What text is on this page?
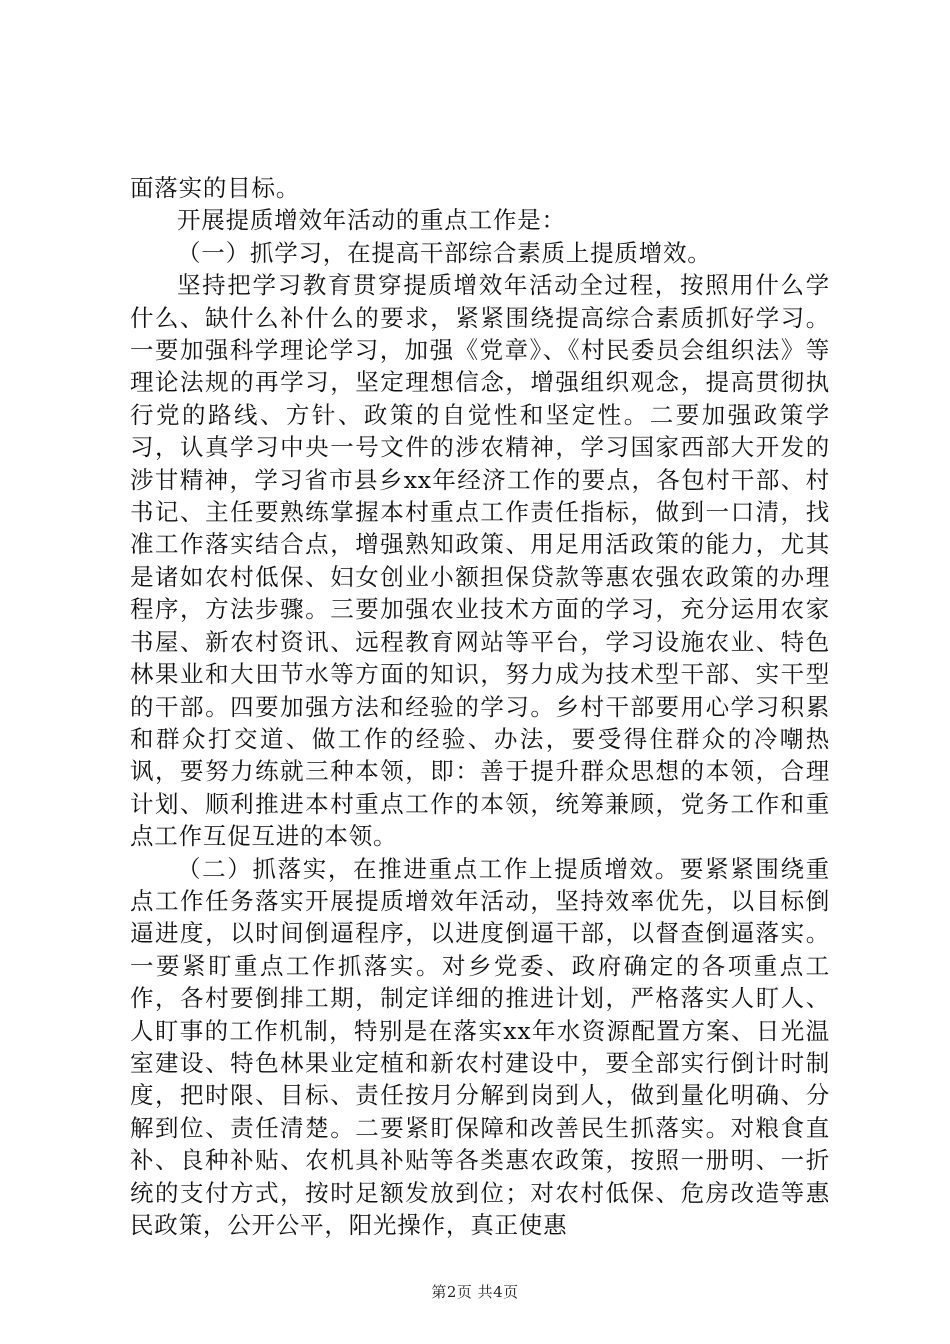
面落实的目标。

开展提质增效年活动的重点工作是：

（一）抓学习，在提高干部综合素质上提质增效。

坚持把学习教育贯穿提质增效年活动全过程，按照用什么学什么、缺什么补什么的要求，紧紧围绕提高综合素质抓好学习。一要加强科学理论学习，加强《党章》、《村民委员会组织法》等理论法规的再学习，坚定理想信念，增强组织观念，提高贯彻执行党的路线、方针、政策的自觉性和坚定性。二要加强政策学习，认真学习中央一号文件的涉农精神，学习国家西部大开发的涉甘精神，学习省市县乡xx年经济工作的要点，各包村干部、村书记、主任要熟练掌握本村重点工作责任指标，做到一口清，找准工作落实结合点，增强熟知政策、用足用活政策的能力，尤其是诸如农村低保、妇女创业小额担保贷款等惠农强农政策的办理程序，方法步骤。三要加强农业技术方面的学习，充分运用农家书屋、新农村资讯、远程教育网站等平台，学习设施农业、特色林果业和大田节水等方面的知识，努力成为技术型干部、实干型的干部。四要加强方法和经验的学习。乡村干部要用心学习积累和群众打交道、做工作的经验、办法，要受得住群众的冷嘲热讽，要努力练就三种本领，即：善于提升群众思想的本领，合理计划、顺利推进本村重点工作的本领，统筹兼顾，党务工作和重点工作互促互进的本领。

（二）抓落实，在推进重点工作上提质增效。要紧紧围绕重点工作任务落实开展提质增效年活动，坚持效率优先，以目标倒逼进度，以时间倒逼程序，以进度倒逼干部，以督查倒逼落实。一要紧盯重点工作抓落实。对乡党委、政府确定的各项重点工作，各村要倒排工期，制定详细的推进计划，严格落实人盯人、人盯事的工作机制，特别是在落实xx年水资源配置方案、日光温室建设、特色林果业定植和新农村建设中，要全部实行倒计时制度，把时限、目标、责任按月分解到岗到人，做到量化明确、分解到位、责任清楚。二要紧盯保障和改善民生抓落实。对粮食直补、良种补贴、农机具补贴等各类惠农政策，按照一册明、一折统的支付方式，按时足额发放到位；对农村低保、危房改造等惠民政策，公开公平，阳光操作，真正使惠

第2页 共4页
